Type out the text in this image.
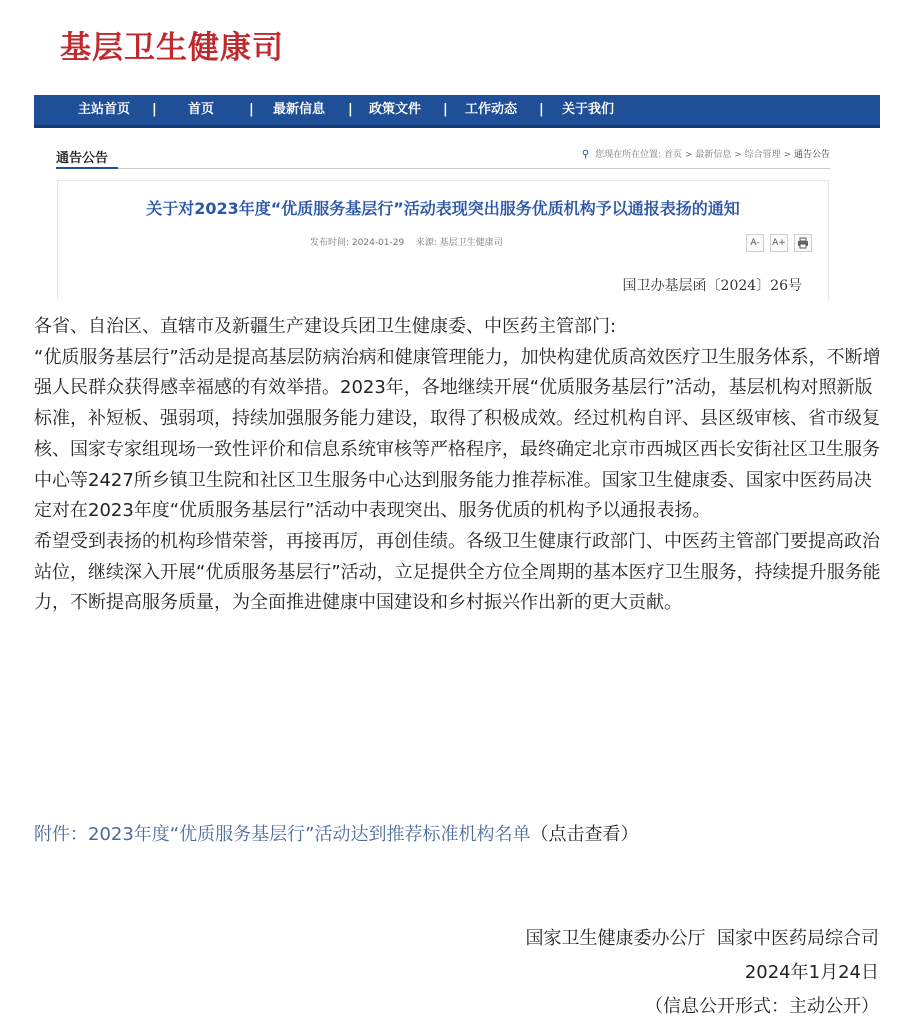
基层卫生健康司
主站首页 | 首页	| 最新信息 | 政策文件 | 工作动态 | 关于我们
通告公告	⚲ 您现在所在位置: 首页 > 最新信息 > 综合管理 > 通告公告
关于对2023年度“优质服务基层行”活动表现突出服务优质机构予以通报表扬的通知
发布时间: 2024-01-29 来源: 基层卫生健康司	A-	A+
国卫办基层函〔2024〕26号

各省、自治区、直辖市及新疆生产建设兵团卫生健康委、中医药主管部门:

“优质服务基层行”活动是提高基层防病治病和健康管理能力，加快构建优质高效医疗卫生服务体系，不断增强人民群众获得感幸福感的有效举措。2023年，各地继续开展“优质服务基层行”活动，基层机构对照新版标准，补短板、强弱项，持续加强服务能力建设，取得了积极成效。经过机构自评、县区级审核、省市级复核、国家专家组现场一致性评价和信息系统审核等严格程序，最终确定北京市西城区西长安街社区卫生服务中心等2427所乡镇卫生院和社区卫生服务中心达到服务能力推荐标准。国家卫生健康委、国家中医药局决定对在2023年度“优质服务基层行”活动中表现突出、服务优质的机构予以通报表扬。

希望受到表扬的机构珍惜荣誉，再接再厉，再创佳绩。各级卫生健康行政部门、中医药主管部门要提高政治站位，继续深入开展“优质服务基层行”活动，立足提供全方位全周期的基本医疗卫生服务，持续提升服务能力，不断提高服务质量，为全面推进健康中国建设和乡村振兴作出新的更大贡献。

附件：2023年度“优质服务基层行”活动达到推荐标准机构名单（点击查看）
国家卫生健康委办公厅  国家中医药局综合司
2024年1月24日
（信息公开形式：主动公开）
